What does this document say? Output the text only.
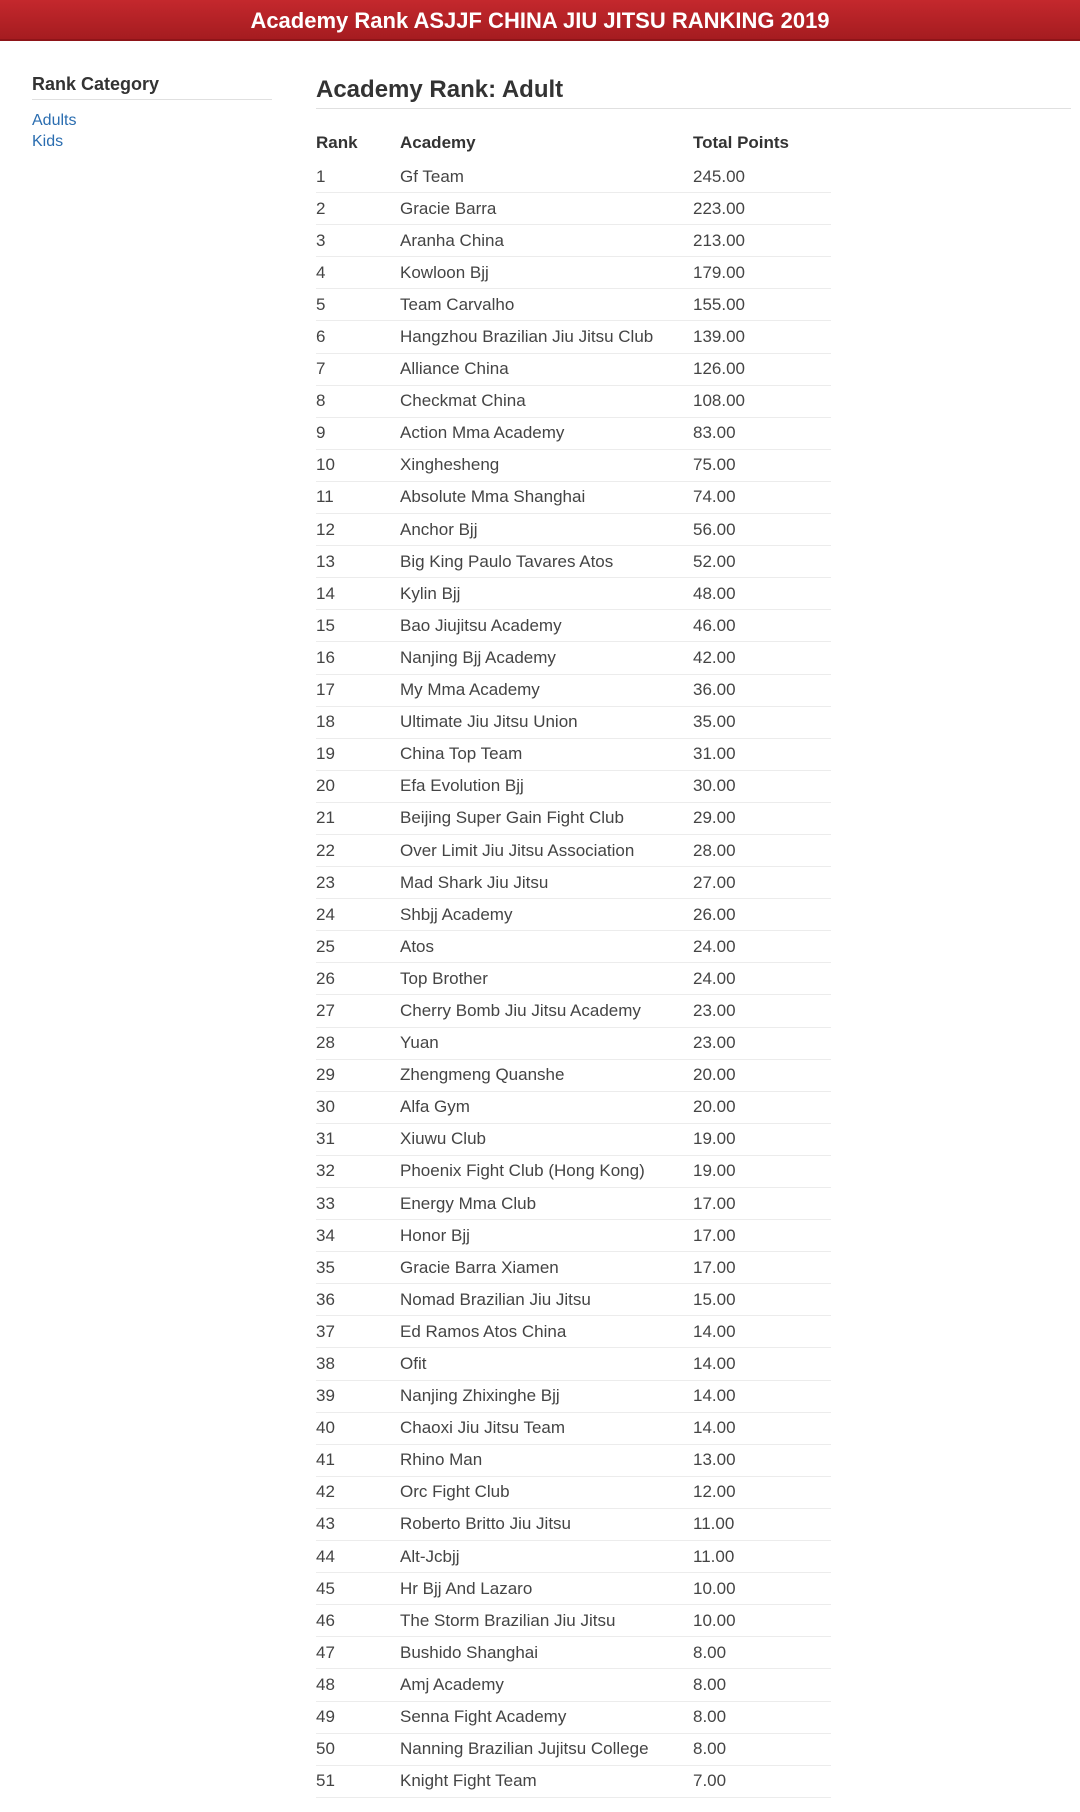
Academy Rank ASJJF CHINA JIU JITSU RANKING 2019
Rank Category
Adults
Kids
Academy Rank: Adult
Rank	Academy	Total Points
1	Gf Team	245.00
2	Gracie Barra	223.00
3	Aranha China	213.00
4	Kowloon Bjj	179.00
5	Team Carvalho	155.00
6	Hangzhou Brazilian Jiu Jitsu Club	139.00
7	Alliance China	126.00
8	Checkmat China	108.00
9	Action Mma Academy	83.00
10	Xinghesheng	75.00
11	Absolute Mma Shanghai	74.00
12	Anchor Bjj	56.00
13	Big King Paulo Tavares Atos	52.00
14	Kylin Bjj	48.00
15	Bao Jiujitsu Academy	46.00
16	Nanjing Bjj Academy	42.00
17	My Mma Academy	36.00
18	Ultimate Jiu Jitsu Union	35.00
19	China Top Team	31.00
20	Efa Evolution Bjj	30.00
21	Beijing Super Gain Fight Club	29.00
22	Over Limit Jiu Jitsu Association	28.00
23	Mad Shark Jiu Jitsu	27.00
24	Shbjj Academy	26.00
25	Atos	24.00
26	Top Brother	24.00
27	Cherry Bomb Jiu Jitsu Academy	23.00
28	Yuan	23.00
29	Zhengmeng Quanshe	20.00
30	Alfa Gym	20.00
31	Xiuwu Club	19.00
32	Phoenix Fight Club (Hong Kong)	19.00
33	Energy Mma Club	17.00
34	Honor Bjj	17.00
35	Gracie Barra Xiamen	17.00
36	Nomad Brazilian Jiu Jitsu	15.00
37	Ed Ramos Atos China	14.00
38	Ofit	14.00
39	Nanjing Zhixinghe Bjj	14.00
40	Chaoxi Jiu Jitsu Team	14.00
41	Rhino Man	13.00
42	Orc Fight Club	12.00
43	Roberto Britto Jiu Jitsu	11.00
44	Alt-Jcbjj	11.00
45	Hr Bjj And Lazaro	10.00
46	The Storm Brazilian Jiu Jitsu	10.00
47	Bushido Shanghai	8.00
48	Amj Academy	8.00
49	Senna Fight Academy	8.00
50	Nanning Brazilian Jujitsu College	8.00
51	Knight Fight Team	7.00
